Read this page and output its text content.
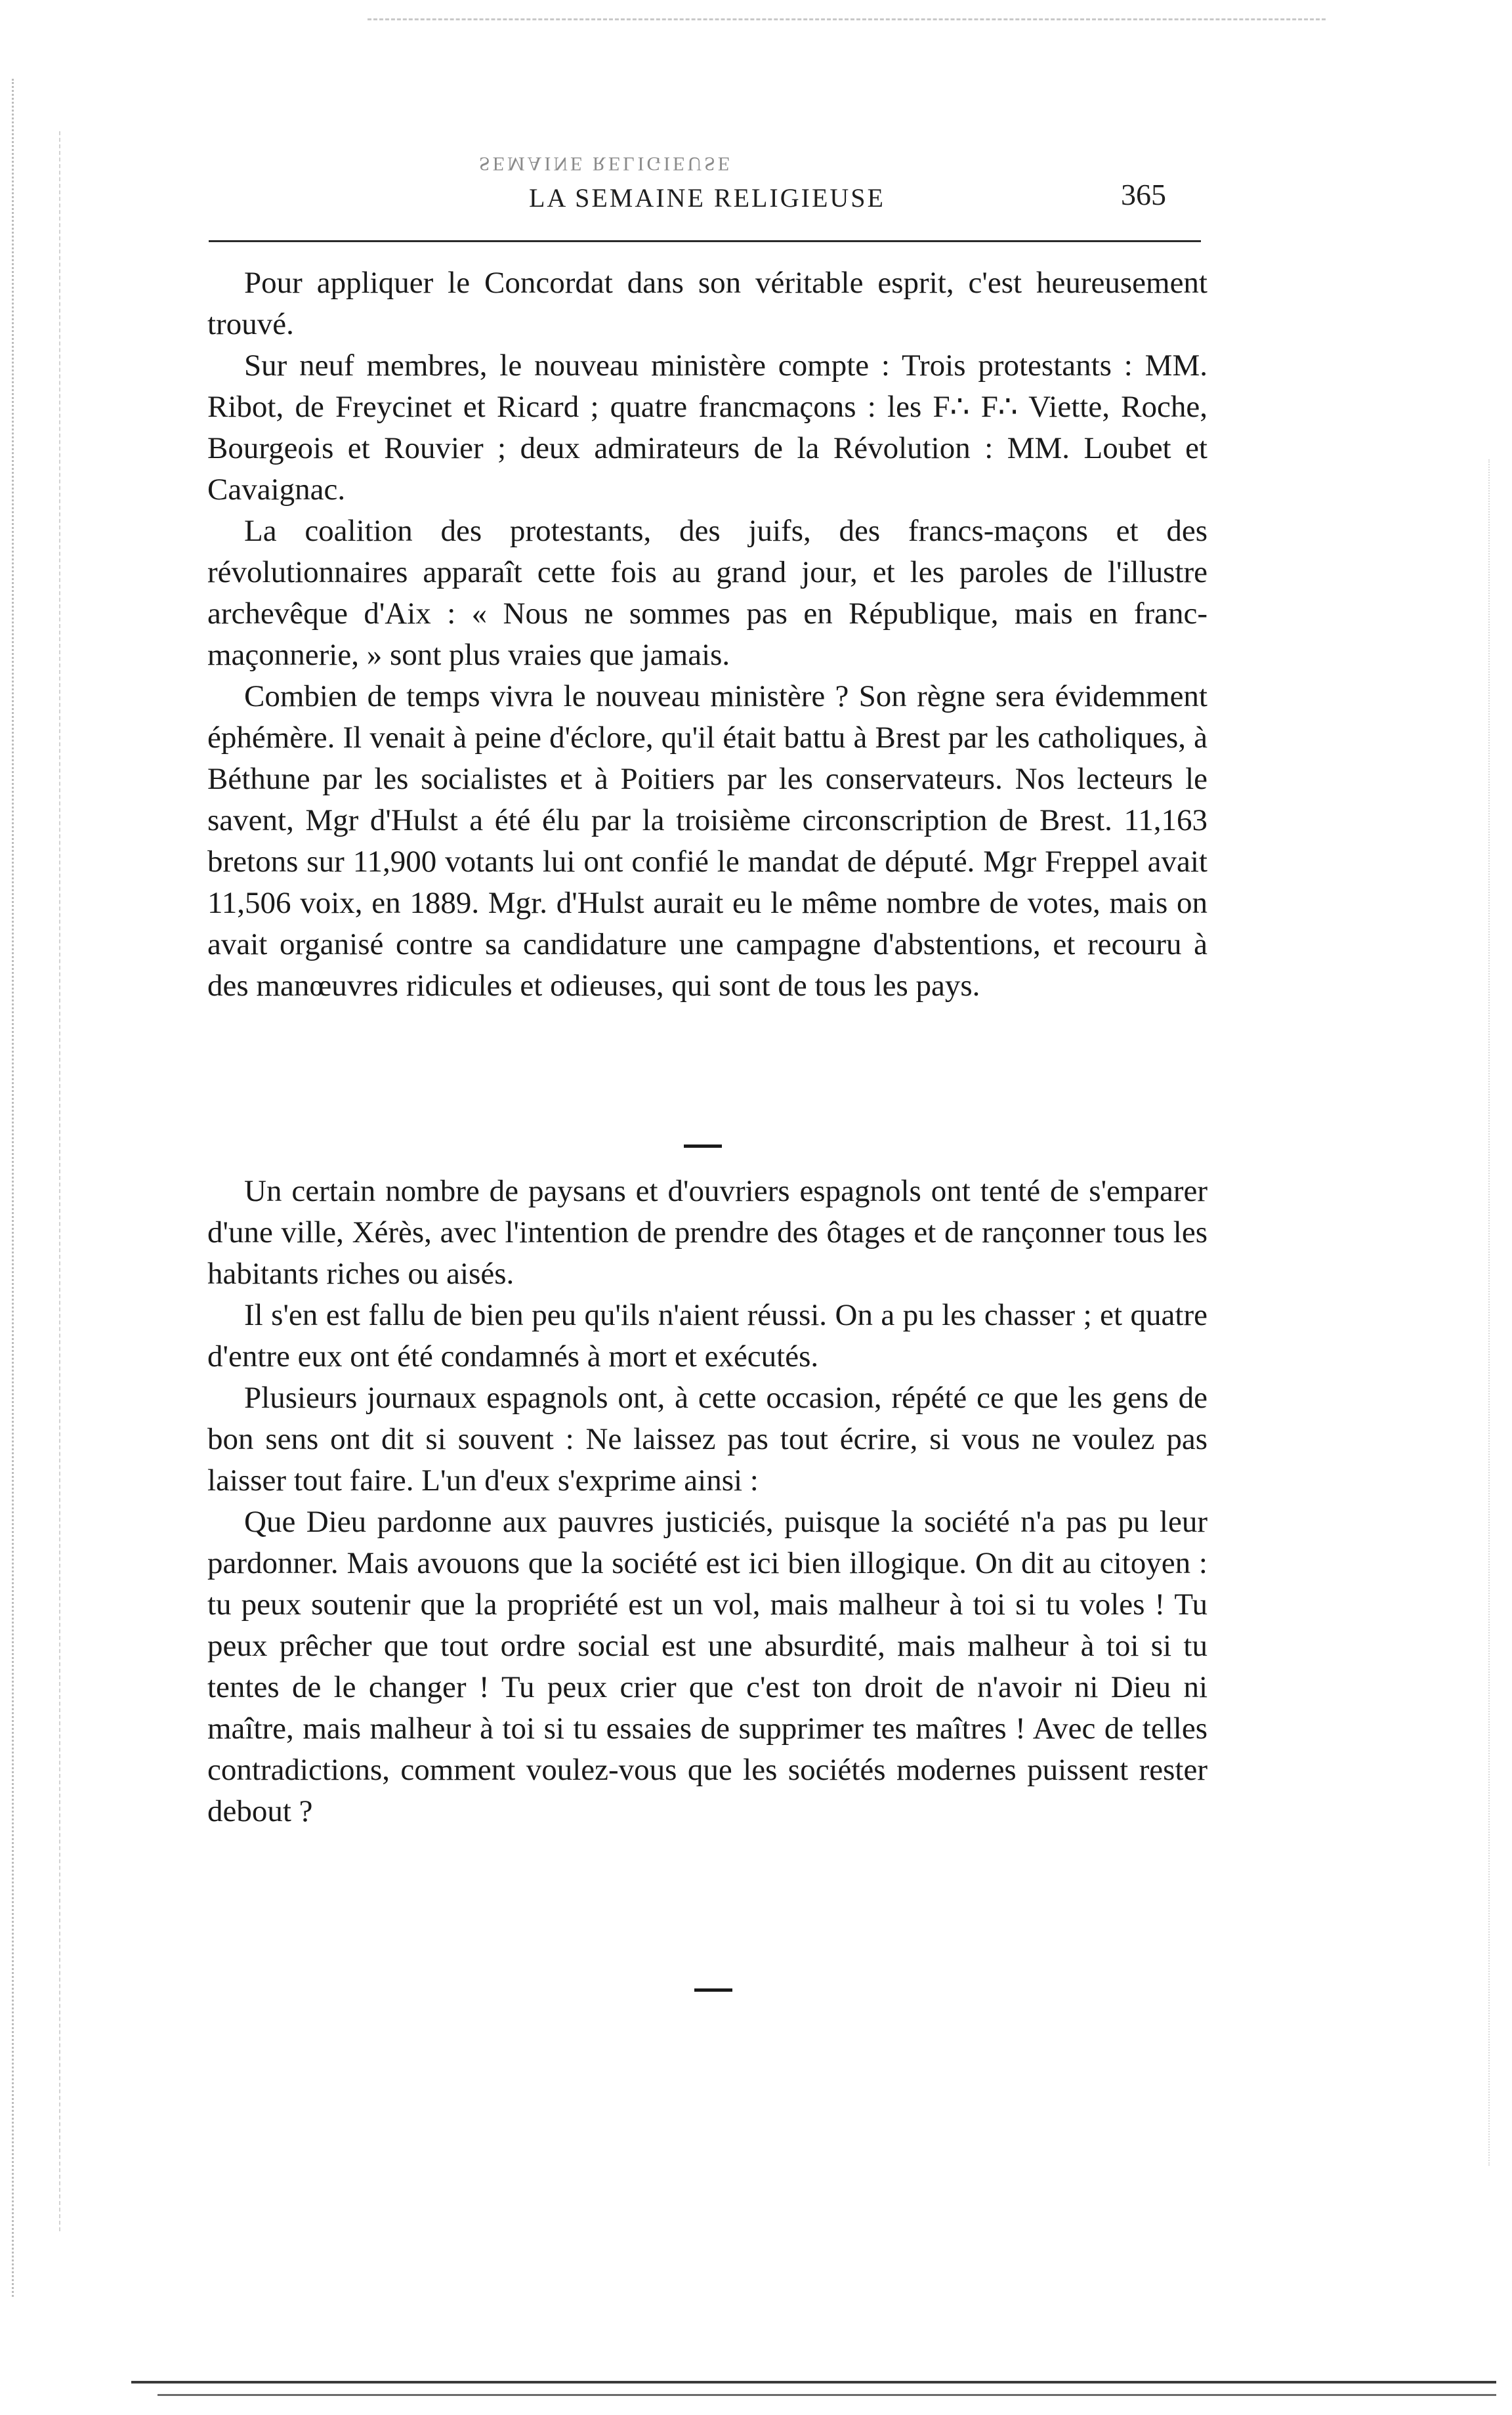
SEMAINE RELIGIEUSE
LA SEMAINE RELIGIEUSE	365

Pour appliquer le Concordat dans son véritable esprit, c'est heureusement trouvé.

Sur neuf membres, le nouveau ministère compte : Trois protestants : MM. Ribot, de Freycinet et Ricard ; quatre francmaçons : les F∴ F∴ Viette, Roche, Bourgeois et Rouvier ; deux admirateurs de la Révolution : MM. Loubet et Cavaignac.

La coalition des protestants, des juifs, des francs-maçons et des révolutionnaires apparaît cette fois au grand jour, et les paroles de l'illustre archevêque d'Aix : « Nous ne sommes pas en République, mais en franc-maçonnerie, » sont plus vraies que jamais.

Combien de temps vivra le nouveau ministère ? Son règne sera évidemment éphémère. Il venait à peine d'éclore, qu'il était battu à Brest par les catholiques, à Béthune par les socialistes et à Poitiers par les conservateurs. Nos lecteurs le savent, Mgr d'Hulst a été élu par la troisième circonscription de Brest. 11,163 bretons sur 11,900 votants lui ont confié le mandat de député. Mgr Freppel avait 11,506 voix, en 1889. Mgr. d'Hulst aurait eu le même nombre de votes, mais on avait organisé contre sa candidature une campagne d'abstentions, et recouru à des manœuvres ridicules et odieuses, qui sont de tous les pays.

Un certain nombre de paysans et d'ouvriers espagnols ont tenté de s'emparer d'une ville, Xérès, avec l'intention de prendre des ôtages et de rançonner tous les habitants riches ou aisés.

Il s'en est fallu de bien peu qu'ils n'aient réussi. On a pu les chasser ; et quatre d'entre eux ont été condamnés à mort et exécutés.

Plusieurs journaux espagnols ont, à cette occasion, répété ce que les gens de bon sens ont dit si souvent : Ne laissez pas tout écrire, si vous ne voulez pas laisser tout faire. L'un d'eux s'exprime ainsi :

Que Dieu pardonne aux pauvres justiciés, puisque la société n'a pas pu leur pardonner. Mais avouons que la société est ici bien illogique. On dit au citoyen : tu peux soutenir que la propriété est un vol, mais malheur à toi si tu voles ! Tu peux prêcher que tout ordre social est une absurdité, mais malheur à toi si tu tentes de le changer ! Tu peux crier que c'est ton droit de n'avoir ni Dieu ni maître, mais malheur à toi si tu essaies de supprimer tes maîtres ! Avec de telles contradictions, comment voulez-vous que les sociétés modernes puissent rester debout ?
